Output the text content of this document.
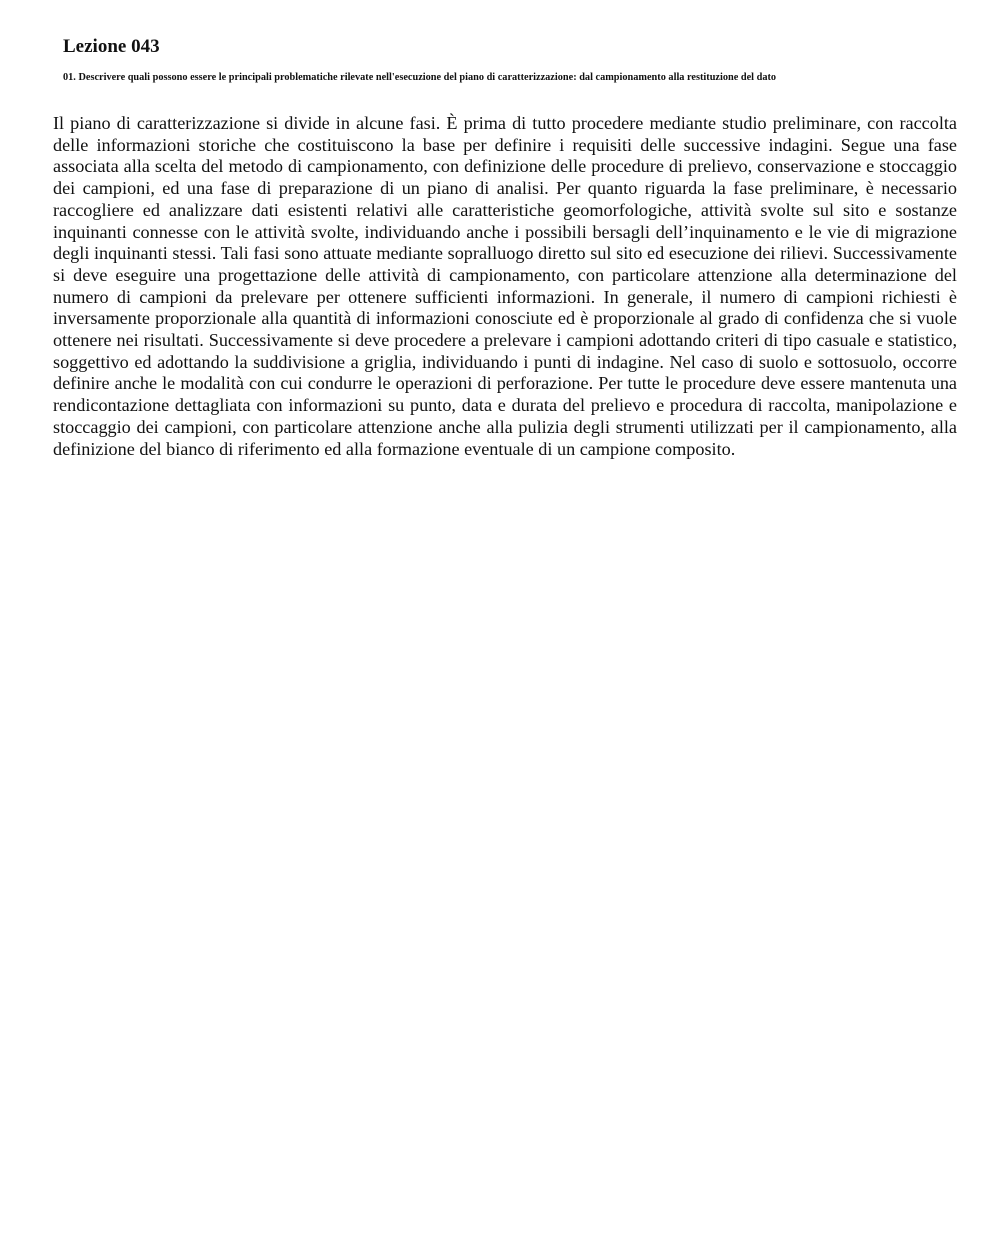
Lezione 043

01. Descrivere quali possono essere le principali problematiche rilevate nell'esecuzione del piano di caratterizzazione: dal campionamento alla restituzione del dato

Il piano di caratterizzazione si divide in alcune fasi. È prima di tutto procedere mediante studio preliminare, con raccolta delle informazioni storiche che costituiscono la base per definire i requisiti delle successive indagini. Segue una fase associata alla scelta del metodo di campionamento, con definizione delle procedure di prelievo, conservazione e stoccaggio dei campioni, ed una fase di preparazione di un piano di analisi. Per quanto riguarda la fase preliminare, è necessario raccogliere ed analizzare dati esistenti relativi alle caratteristiche geomorfologiche, attività svolte sul sito e sostanze inquinanti connesse con le attività svolte, individuando anche i possibili bersagli dell’inquinamento e le vie di migrazione degli inquinanti stessi. Tali fasi sono attuate mediante sopralluogo diretto sul sito ed esecuzione dei rilievi. Successivamente si deve eseguire una progettazione delle attività di campionamento, con particolare attenzione alla determinazione del numero di campioni da prelevare per ottenere sufficienti informazioni. In generale, il numero di campioni richiesti è inversamente proporzionale alla quantità di informazioni conosciute ed è proporzionale al grado di confidenza che si vuole ottenere nei risultati. Successivamente si deve procedere a prelevare i campioni adottando criteri di tipo casuale e statistico, soggettivo ed adottando la suddivisione a griglia, individuando i punti di indagine. Nel caso di suolo e sottosuolo, occorre definire anche le modalità con cui condurre le operazioni di perforazione. Per tutte le procedure deve essere mantenuta una rendicontazione dettagliata con informazioni su punto, data e durata del prelievo e procedura di raccolta, manipolazione e stoccaggio dei campioni, con particolare attenzione anche alla pulizia degli strumenti utilizzati per il campionamento, alla definizione del bianco di riferimento ed alla formazione eventuale di un campione composito.
